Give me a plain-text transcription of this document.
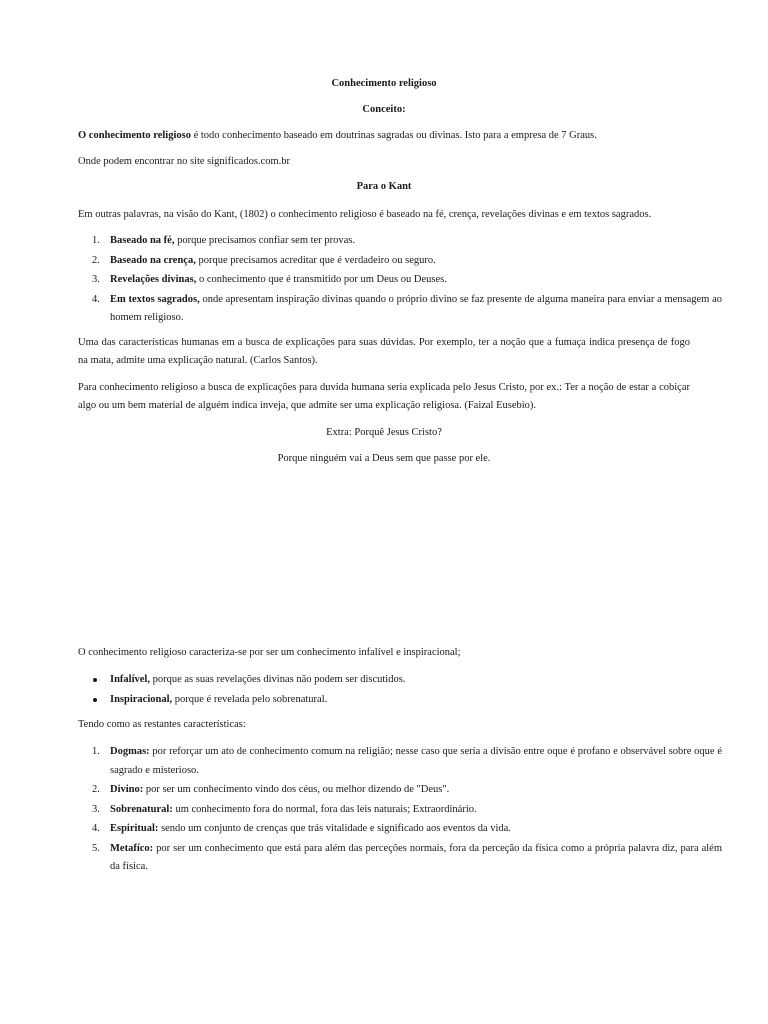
Conhecimento religioso
Conceito:
O conhecimento religioso é todo conhecimento baseado em doutrinas sagradas ou divinas. Isto para a empresa de 7 Graus.
Onde podem encontrar no site significados.com.br
Para o Kant
Em outras palavras, na visão do Kant, (1802) o conhecimento religioso é baseado na fé, crença, revelações divinas e em textos sagrados.
1. Baseado na fé, porque precisamos confiar sem ter provas.
2. Baseado na crença, porque precisamos acreditar que é verdadeiro ou seguro.
3. Revelações divinas, o conhecimento que é transmitido por um Deus ou Deuses.
4. Em textos sagrados, onde apresentam inspiração divinas quando o próprio divino se faz presente de alguma maneira para enviar a mensagem ao homem religioso.
Uma das características humanas em a busca de explicações para suas dúvidas. Por exemplo, ter a noção que a fumaça indica presença de fogo na mata, admite uma explicação natural. (Carlos Santos).
Para conhecimento religioso a busca de explicações para duvida humana seria explicada pelo Jesus Cristo, por ex.: Ter a noção de estar a cobiçar algo ou um bem material de alguém indica inveja, que admite ser uma explicação religiosa. (Faizal Eusebio).
Extra: Porquê Jesus Cristo?
Porque ninguém vai a Deus sem que passe por ele.
O conhecimento religioso caracteriza-se por ser um conhecimento infalível e inspiracional;
Infalível, porque as suas revelações divinas não podem ser discutidos.
Inspiracional, porque é revelada pelo sobrenatural.
Tendo como as restantes características:
1. Dogmas: por reforçar um ato de conhecimento comum na religião; nesse caso que seria a divisão entre oque é profano e observável sobre oque é sagrado e misterioso.
2. Divino: por ser um conhecimento vindo dos céus, ou melhor dizendo de "Deus".
3. Sobrenatural: um conhecimento fora do normal, fora das leis naturais; Extraordinário.
4. Espiritual: sendo um conjunto de crenças que trás vitalidade e significado aos eventos da vida.
5. Metafíco: por ser um conhecimento que está para além das perceções normais, fora da perceção da física como a própria palavra diz, para além da física.
